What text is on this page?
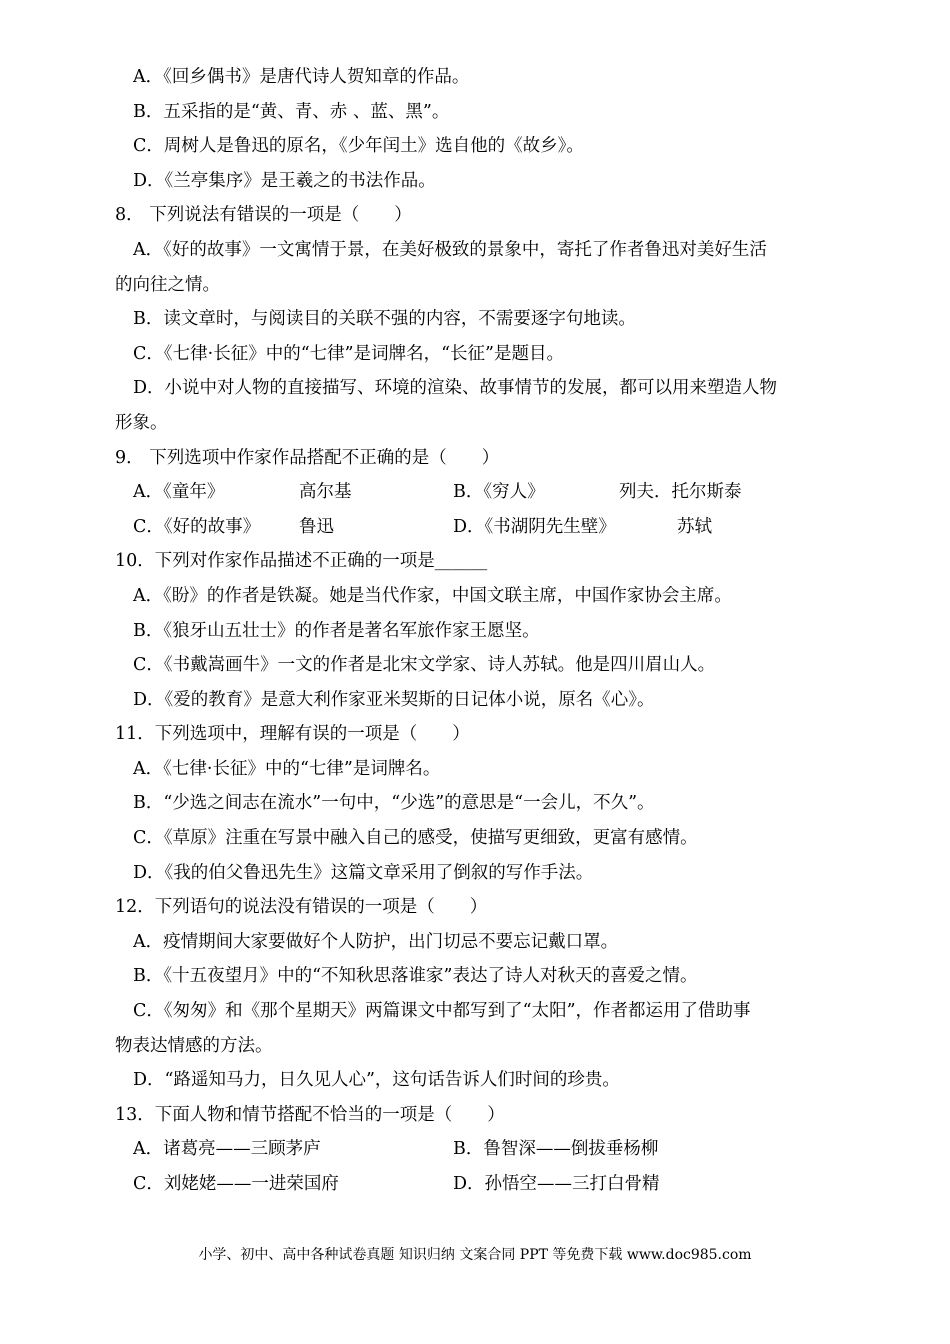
A．《回乡偶书》是唐代诗人贺知章的作品。
B．五采指的是“黄、青、赤 、蓝、黑”。
C．周树人是鲁迅的原名，《少年闰土》选自他的《故乡》。
D．《兰亭集序》是王羲之的书法作品。
8． 下列说法有错误的一项是（　　）
A．《好的故事》一文寓情于景，在美好极致的景象中，寄托了作者鲁迅对美好生活
的向往之情。
B．读文章时，与阅读目的关联不强的内容，不需要逐字句地读。
C．《七律·长征》中的“七律”是词牌名，“长征”是题目。
D．小说中对人物的直接描写、环境的渲染、故事情节的发展，都可以用来塑造人物
形象。
9． 下列选项中作家作品搭配不正确的是（　　）
A．《童年》	高尔基	B．《穷人》	列夫．托尔斯泰
C．《好的故事》 鲁迅	D．《书湖阴先生壁》	苏轼
10．下列对作家作品描述不正确的一项是______
A．《盼》的作者是铁凝。她是当代作家，中国文联主席，中国作家协会主席。
B．《狼牙山五壮士》的作者是著名军旅作家王愿坚。
C．《书戴嵩画牛》一文的作者是北宋文学家、诗人苏轼。他是四川眉山人。
D．《爱的教育》是意大利作家亚米契斯的日记体小说，原名《心》。
11．下列选项中，理解有误的一项是（　　）
A．《七律·长征》中的“七律”是词牌名。
B．“少选之间志在流水”一句中，“少选”的意思是“一会儿，不久”。
C．《草原》注重在写景中融入自己的感受，使描写更细致，更富有感情。
D．《我的伯父鲁迅先生》这篇文章采用了倒叙的写作手法。
12．下列语句的说法没有错误的一项是（　　）
A．疫情期间大家要做好个人防护，出门切忌不要忘记戴口罩。
B．《十五夜望月》中的“不知秋思落谁家”表达了诗人对秋天的喜爱之情。
C．《匆匆》和《那个星期天》两篇课文中都写到了“太阳”，作者都运用了借助事
物表达情感的方法。
D．“路遥知马力，日久见人心”，这句话告诉人们时间的珍贵。
13．下面人物和情节搭配不恰当的一项是（　　）
A．诸葛亮——三顾茅庐	B．鲁智深——倒拔垂杨柳
C．刘姥姥——一进荣国府	D．孙悟空——三打白骨精
小学、初中、高中各种试卷真题 知识归纳 文案合同 PPT 等免费下载 www.doc985.com
